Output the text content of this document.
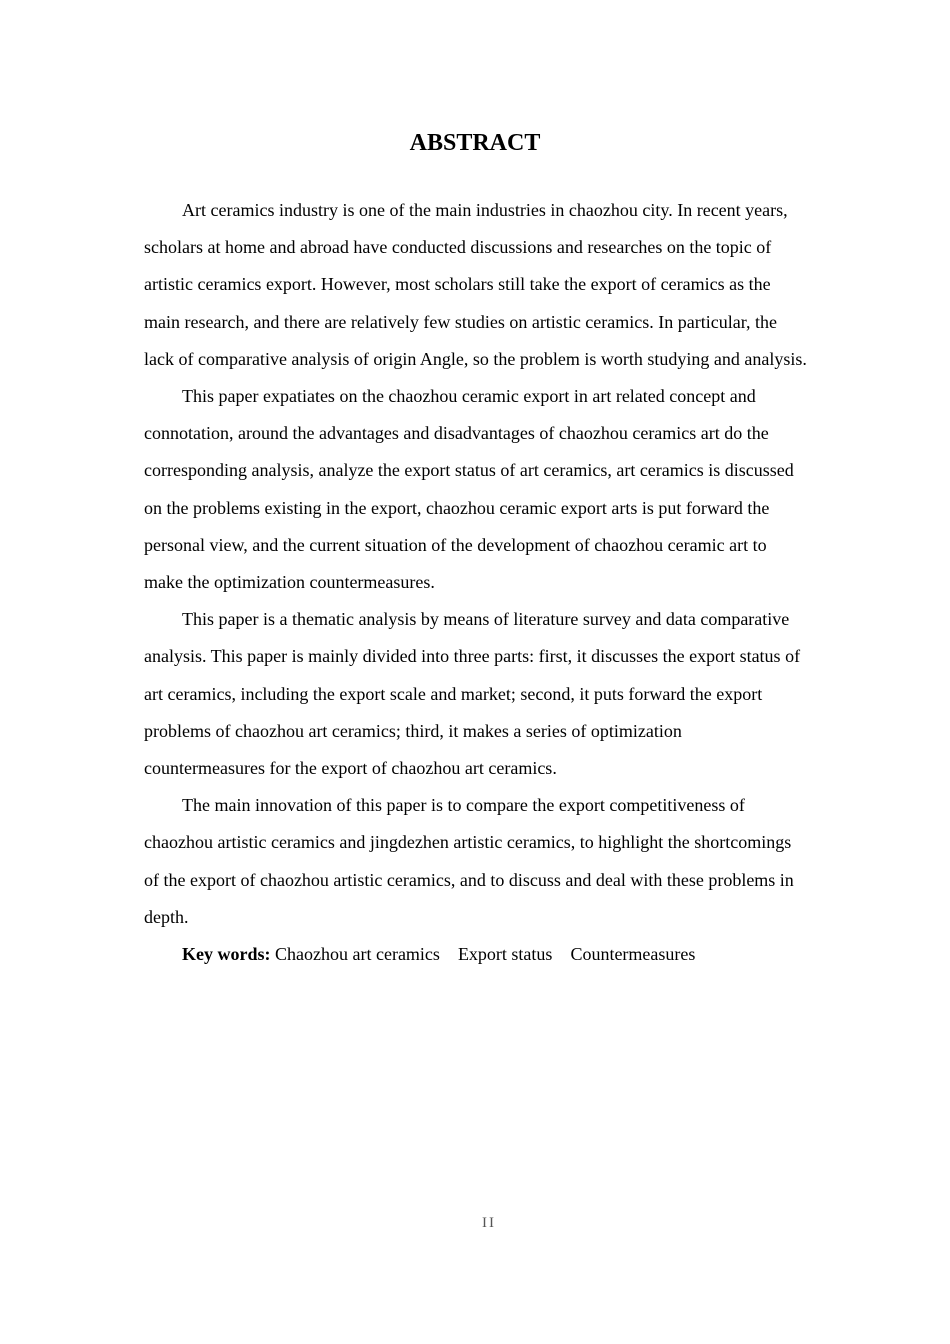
ABSTRACT

Art ceramics industry is one of the main industries in chaozhou city. In recent years, scholars at home and abroad have conducted discussions and researches on the topic of artistic ceramics export. However, most scholars still take the export of ceramics as the main research, and there are relatively few studies on artistic ceramics. In particular, the lack of comparative analysis of origin Angle, so the problem is worth studying and analysis.

This paper expatiates on the chaozhou ceramic export in art related concept and connotation, around the advantages and disadvantages of chaozhou ceramics art do the corresponding analysis, analyze the export status of art ceramics, art ceramics is discussed on the problems existing in the export, chaozhou ceramic export arts is put forward the personal view, and the current situation of the development of chaozhou ceramic art to make the optimization countermeasures.

This paper is a thematic analysis by means of literature survey and data comparative analysis. This paper is mainly divided into three parts: first, it discusses the export status of art ceramics, including the export scale and market; second, it puts forward the export problems of chaozhou art ceramics; third, it makes a series of optimization countermeasures for the export of chaozhou art ceramics.

The main innovation of this paper is to compare the export competitiveness of chaozhou artistic ceramics and jingdezhen artistic ceramics, to highlight the shortcomings of the export of chaozhou artistic ceramics, and to discuss and deal with these problems in depth.

Key words: Chaozhou art ceramics Export status Countermeasures

II
